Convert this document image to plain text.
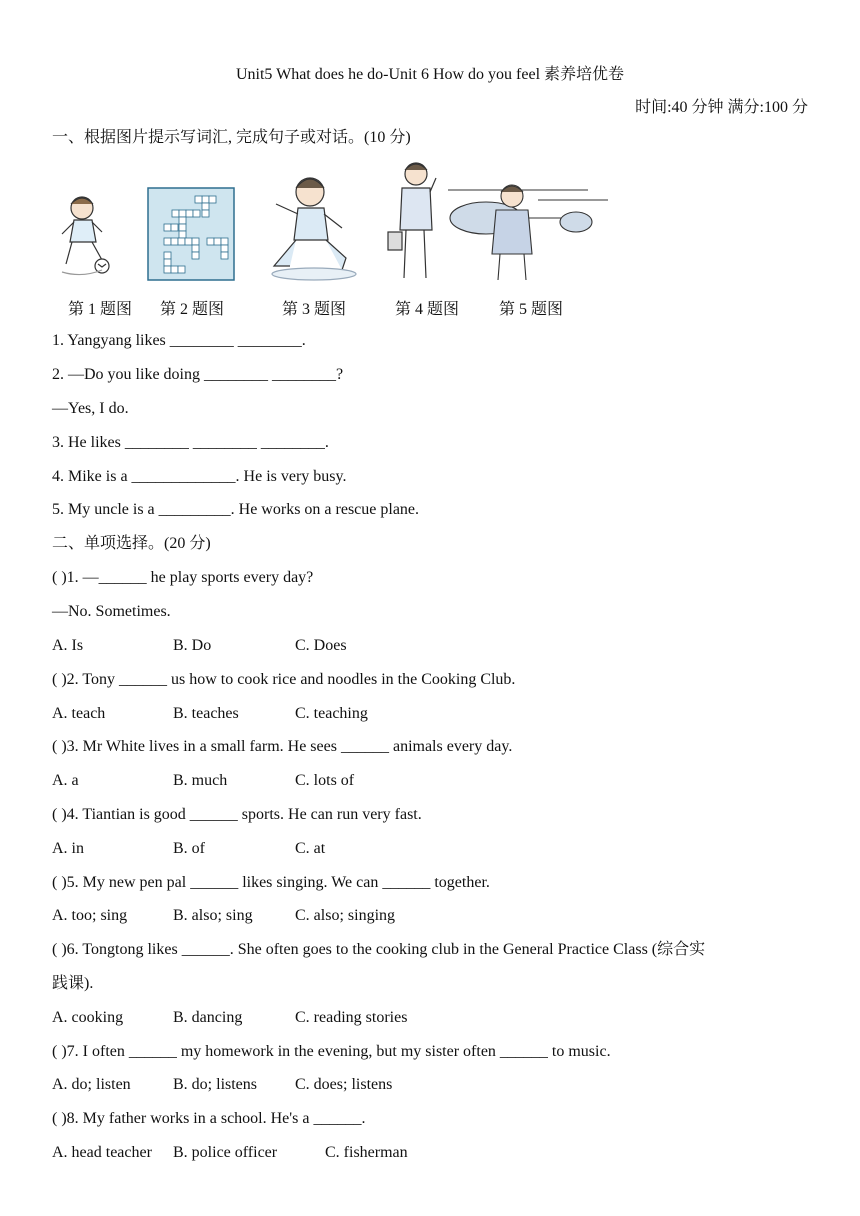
Unit5 What does he do-Unit 6 How do you feel 素养培优卷
时间:40 分钟 满分:100 分
一、根据图片提示写词汇, 完成句子或对话。(10 分)
第 1 题图 第 2 题图	第 3 题图	第 4 题图 第 5 题图
1. Yangyang likes ________ ________.
2. —Do you like doing ________ ________?
—Yes, I do.
3. He likes ________ ________ ________.
4. Mike is a _____________. He is very busy.
5. My uncle is a _________. He works on a rescue plane.
二、单项选择。(20 分)
( )1. —______ he play sports every day?
—No. Sometimes.
A. Is	B. Do	C. Does
( )2. Tony ______ us how to cook rice and noodles in the Cooking Club.
A. teach	B. teaches	C. teaching
( )3. Mr White lives in a small farm. He sees ______ animals every day.
A. a	B. much	C. lots of
( )4. Tiantian is good ______ sports. He can run very fast.
A. in	B. of	C. at
( )5. My new pen pal ______ likes singing. We can ______ together.
A. too; sing	B. also; sing	C. also; singing
( )6. Tongtong likes ______. She often goes to the cooking club in the General Practice Class (综合实
践课).
A. cooking	B. dancing	C. reading stories
( )7. I often ______ my homework in the evening, but my sister often ______ to music.
A. do; listen	B. do; listens C. does; listens
( )8. My father works in a school. He's a ______.
A. head teacher B. police officer	C. fisherman
